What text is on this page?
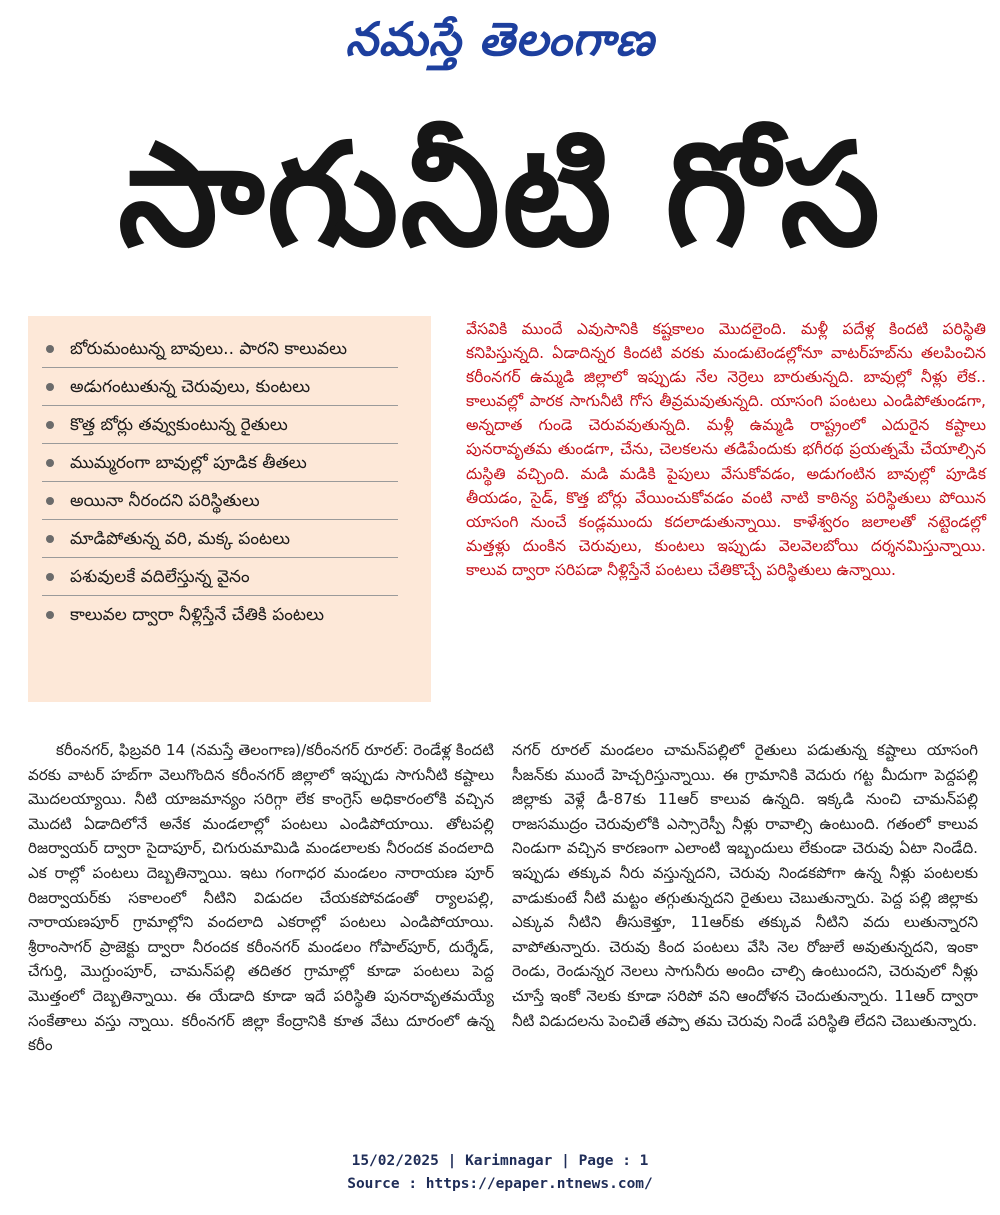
నమస్తే తెలంగాణ
సాగునీటి గోస
బోరుమంటున్న బావులు.. పారని కాలువలు
అడుగంటుతున్న చెరువులు, కుంటలు
కొత్త బోర్లు తవ్వుకుంటున్న రైతులు
ముమ్మరంగా బావుల్లో పూడిక తీతలు
అయినా నీరందని పరిస్థితులు
మాడిపోతున్న వరి, మక్క పంటలు
పశువులకే వదిలేస్తున్న వైనం
కాలువల ద్వారా నీళ్లిస్తేనే చేతికి పంటలు
వేసవికి ముందే ఎవుసానికి కష్టకాలం మొదలైంది. మళ్లీ పదేళ్ల కిందటి పరిస్థితి కనిపిస్తున్నది. ఏడాదిన్నర కిందటి వరకు మండుటెండల్లోనూ వాటర్‌హబ్‌ను తలపించిన కరీంనగర్ ఉమ్మడి జిల్లాలో ఇప్పుడు నేల నెర్రెలు బారుతున్నది. బావుల్లో నీళ్లు లేక.. కాలువల్లో పారక సాగునీటి గోస తీవ్రమవుతున్నది. యాసంగి పంటలు ఎండిపోతుండగా, అన్నదాత గుండె చెరువవుతున్నది. మళ్లీ ఉమ్మడి రాష్ట్రంలో ఎదురైన కష్టాలు పునరావృతమ తుండగా, చేను, చెలకలను తడిపేందుకు భగీరథ ప్రయత్నమే చేయాల్సిన దుస్థితి వచ్చింది. మడి మడికి పైపులు వేసుకోవడం, అడుగంటిన బావుల్లో పూడిక తీయడం, సైడ్, కొత్త బోర్లు వేయించుకోవడం వంటి నాటి కాఠిన్య పరిస్థితులు పోయిన యాసంగి నుంచే కండ్లముందు కదలాడుతున్నాయి. కాళేశ్వరం జలాలతో నట్టెండల్లో మత్తళ్లు దుంకిన చెరువులు, కుంటలు ఇప్పుడు వెలవెలబోయి దర్శనమిస్తున్నాయి. కాలువ ద్వారా సరిపడా నీళ్లిస్తేనే పంటలు చేతికొచ్చే పరిస్థితులు ఉన్నాయి.

కరీంనగర్, ఫిబ్రవరి 14 (నమస్తే తెలంగాణ)/కరీంనగర్ రూరల్: రెండేళ్ల కిందటి వరకు వాటర్ హబ్‌గా వెలుగొందిన కరీంనగర్ జిల్లాలో ఇప్పుడు సాగునీటి కష్టాలు మొదలయ్యాయి. నీటి యాజమాన్యం సరిగ్గా లేక కాంగ్రెస్ అధికారంలోకి వచ్చిన మొదటి ఏడాదిలోనే అనేక మండలాల్లో పంటలు ఎండిపోయాయి. తోటపల్లి రిజర్వాయర్ ద్వారా సైదాపూర్, చిగురుమామిడి మండలాలకు నీరందక వందలాది ఎక రాల్లో పంటలు దెబ్బతిన్నాయి. ఇటు గంగాధర మండలం నారాయణ పూర్ రిజర్వాయర్‌కు సకాలంలో నీటిని విడుదల చేయకపోవడంతో ర్యాలపల్లి, నారాయణపూర్ గ్రామాల్లోని వందలాది ఎకరాల్లో పంటలు ఎండిపోయాయి. శ్రీరాంసాగర్ ప్రాజెక్టు ద్వారా నీరందక కరీంనగర్ మండలం గోపాల్‌పూర్, దుర్శేడ్, చేగుర్తి, మొగ్దుంపూర్, చామన్‌పల్లి తదితర గ్రామాల్లో కూడా పంటలు పెద్ద మొత్తంలో దెబ్బతిన్నాయి. ఈ యేడాది కూడా ఇదే పరిస్థితి పునరావృతమయ్యే సంకేతాలు వస్తు న్నాయి. కరీంనగర్ జిల్లా కేంద్రానికి కూత వేటు దూరంలో ఉన్న కరీం

నగర్ రూరల్ మండలం చామన్‌పల్లిలో రైతులు పడుతున్న కష్టాలు యాసంగి సీజన్‌కు ముందే హెచ్చరిస్తున్నాయి. ఈ గ్రామానికి వెదురు గట్ట మీదుగా పెద్దపల్లి జిల్లాకు వెళ్లే డీ-87కు 11ఆర్ కాలువ ఉన్నది. ఇక్కడి నుంచి చామన్‌పల్లి రాజసముద్రం చెరువులోకి ఎస్సారెస్పీ నీళ్లు రావాల్సి ఉంటుంది. గతంలో కాలువ నిండుగా వచ్చిన కారణంగా ఎలాంటి ఇబ్బందులు లేకుండా చెరువు ఏటా నిండేది. ఇప్పుడు తక్కువ నీరు వస్తున్నదని, చెరువు నిండకపోగా ఉన్న నీళ్లు పంటలకు వాడుకుంటే నీటి మట్టం తగ్గుతున్నదని రైతులు చెబుతున్నారు. పెద్ద పల్లి జిల్లాకు ఎక్కువ నీటిని తీసుకెళ్తూ, 11ఆర్‌కు తక్కువ నీటిని వదు లుతున్నారని వాపోతున్నారు. చెరువు కింద పంటలు వేసి నెల రోజులే అవుతున్నదని, ఇంకా రెండు, రెండున్నర నెలలు సాగునీరు అందిం చాల్సి ఉంటుందని, చెరువులో నీళ్లు చూస్తే ఇంకో నెలకు కూడా సరిపో వని ఆందోళన చెందుతున్నారు. 11ఆర్ ద్వారా నీటి విడుదలను పెంచితే తప్పా తమ చెరువు నిండే పరిస్థితి లేదని చెబుతున్నారు.

15/02/2025 | Karimnagar | Page : 1
Source : https://epaper.ntnews.com/
